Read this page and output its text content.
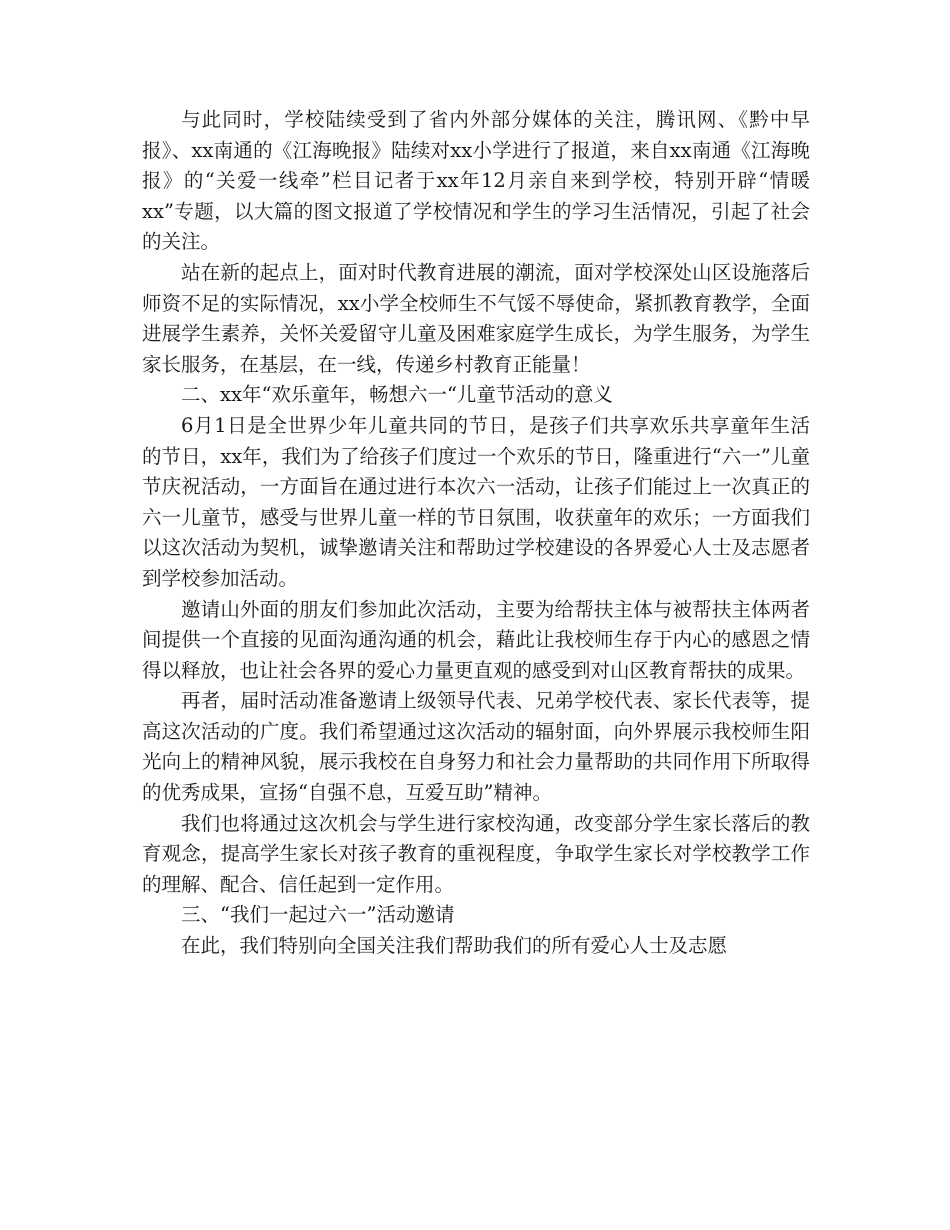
与此同时，学校陆续受到了省内外部分媒体的关注，腾讯网、《黔中早报》、xx南通的《江海晚报》陆续对xx小学进行了报道，来自xx南通《江海晚报》的“关爱一线牵”栏目记者于xx年12月亲自来到学校，特别开辟“情暖xx”专题，以大篇的图文报道了学校情况和学生的学习生活情况，引起了社会的关注。

站在新的起点上，面对时代教育进展的潮流，面对学校深处山区设施落后师资不足的实际情况，xx小学全校师生不气馁不辱使命，紧抓教育教学，全面进展学生素养，关怀关爱留守儿童及困难家庭学生成长，为学生服务，为学生家长服务，在基层，在一线，传递乡村教育正能量！

二、xx年“欢乐童年，畅想六一“儿童节活动的意义

6月1日是全世界少年儿童共同的节日，是孩子们共享欢乐共享童年生活的节日，xx年，我们为了给孩子们度过一个欢乐的节日，隆重进行“六一”儿童节庆祝活动，一方面旨在通过进行本次六一活动，让孩子们能过上一次真正的六一儿童节，感受与世界儿童一样的节日氛围，收获童年的欢乐；一方面我们以这次活动为契机，诚挚邀请关注和帮助过学校建设的各界爱心人士及志愿者到学校参加活动。

邀请山外面的朋友们参加此次活动，主要为给帮扶主体与被帮扶主体两者间提供一个直接的见面沟通沟通的机会，藉此让我校师生存于内心的感恩之情得以释放，也让社会各界的爱心力量更直观的感受到对山区教育帮扶的成果。

再者，届时活动准备邀请上级领导代表、兄弟学校代表、家长代表等，提高这次活动的广度。我们希望通过这次活动的辐射面，向外界展示我校师生阳光向上的精神风貌，展示我校在自身努力和社会力量帮助的共同作用下所取得的优秀成果，宣扬“自强不息，互爱互助”精神。

我们也将通过这次机会与学生进行家校沟通，改变部分学生家长落后的教育观念，提高学生家长对孩子教育的重视程度，争取学生家长对学校教学工作的理解、配合、信任起到一定作用。

三、“我们一起过六一”活动邀请

在此，我们特别向全国关注我们帮助我们的所有爱心人士及志愿
